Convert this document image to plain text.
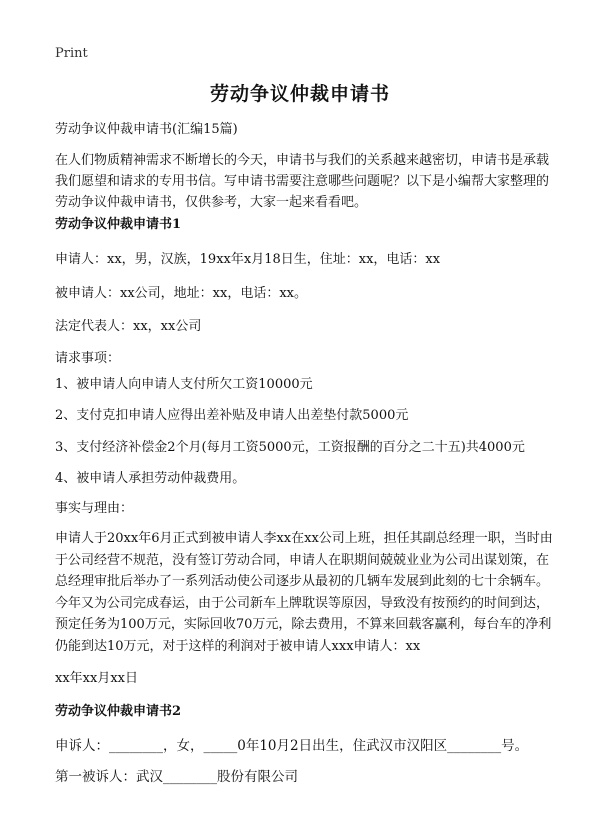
Print
劳动争议仲裁申请书
劳动争议仲裁申请书(汇编15篇)
在人们物质精神需求不断增长的今天，申请书与我们的关系越来越密切，申请书是承载我们愿望和请求的专用书信。写申请书需要注意哪些问题呢？以下是小编帮大家整理的劳动争议仲裁申请书，仅供参考，大家一起来看看吧。
劳动争议仲裁申请书1
申请人：xx，男，汉族，19xx年x月18日生，住址：xx，电话：xx
被申请人：xx公司，地址：xx，电话：xx。
法定代表人：xx，xx公司
请求事项：
1、被申请人向申请人支付所欠工资10000元
2、支付克扣申请人应得出差补贴及申请人出差垫付款5000元
3、支付经济补偿金2个月(每月工资5000元，工资报酬的百分之二十五)共4000元
4、被申请人承担劳动仲裁费用。
事实与理由：
申请人于20xx年6月正式到被申请人李xx在xx公司上班，担任其副总经理一职，当时由于公司经营不规范，没有签订劳动合同，申请人在职期间兢兢业业为公司出谋划策，在总经理审批后举办了一系列活动使公司逐步从最初的几辆车发展到此刻的七十余辆车。今年又为公司完成春运，由于公司新车上牌耽误等原因，导致没有按预约的时间到达，预定任务为100万元，实际回收70万元，除去费用，不算来回载客赢利，每台车的净利仍能到达10万元，对于这样的利润对于被申请人xxx申请人：xx
xx年xx月xx日
劳动争议仲裁申请书2
申诉人：________，女，_____0年10月2日出生，住武汉市汉阳区________号。
第一被诉人：武汉________股份有限公司
